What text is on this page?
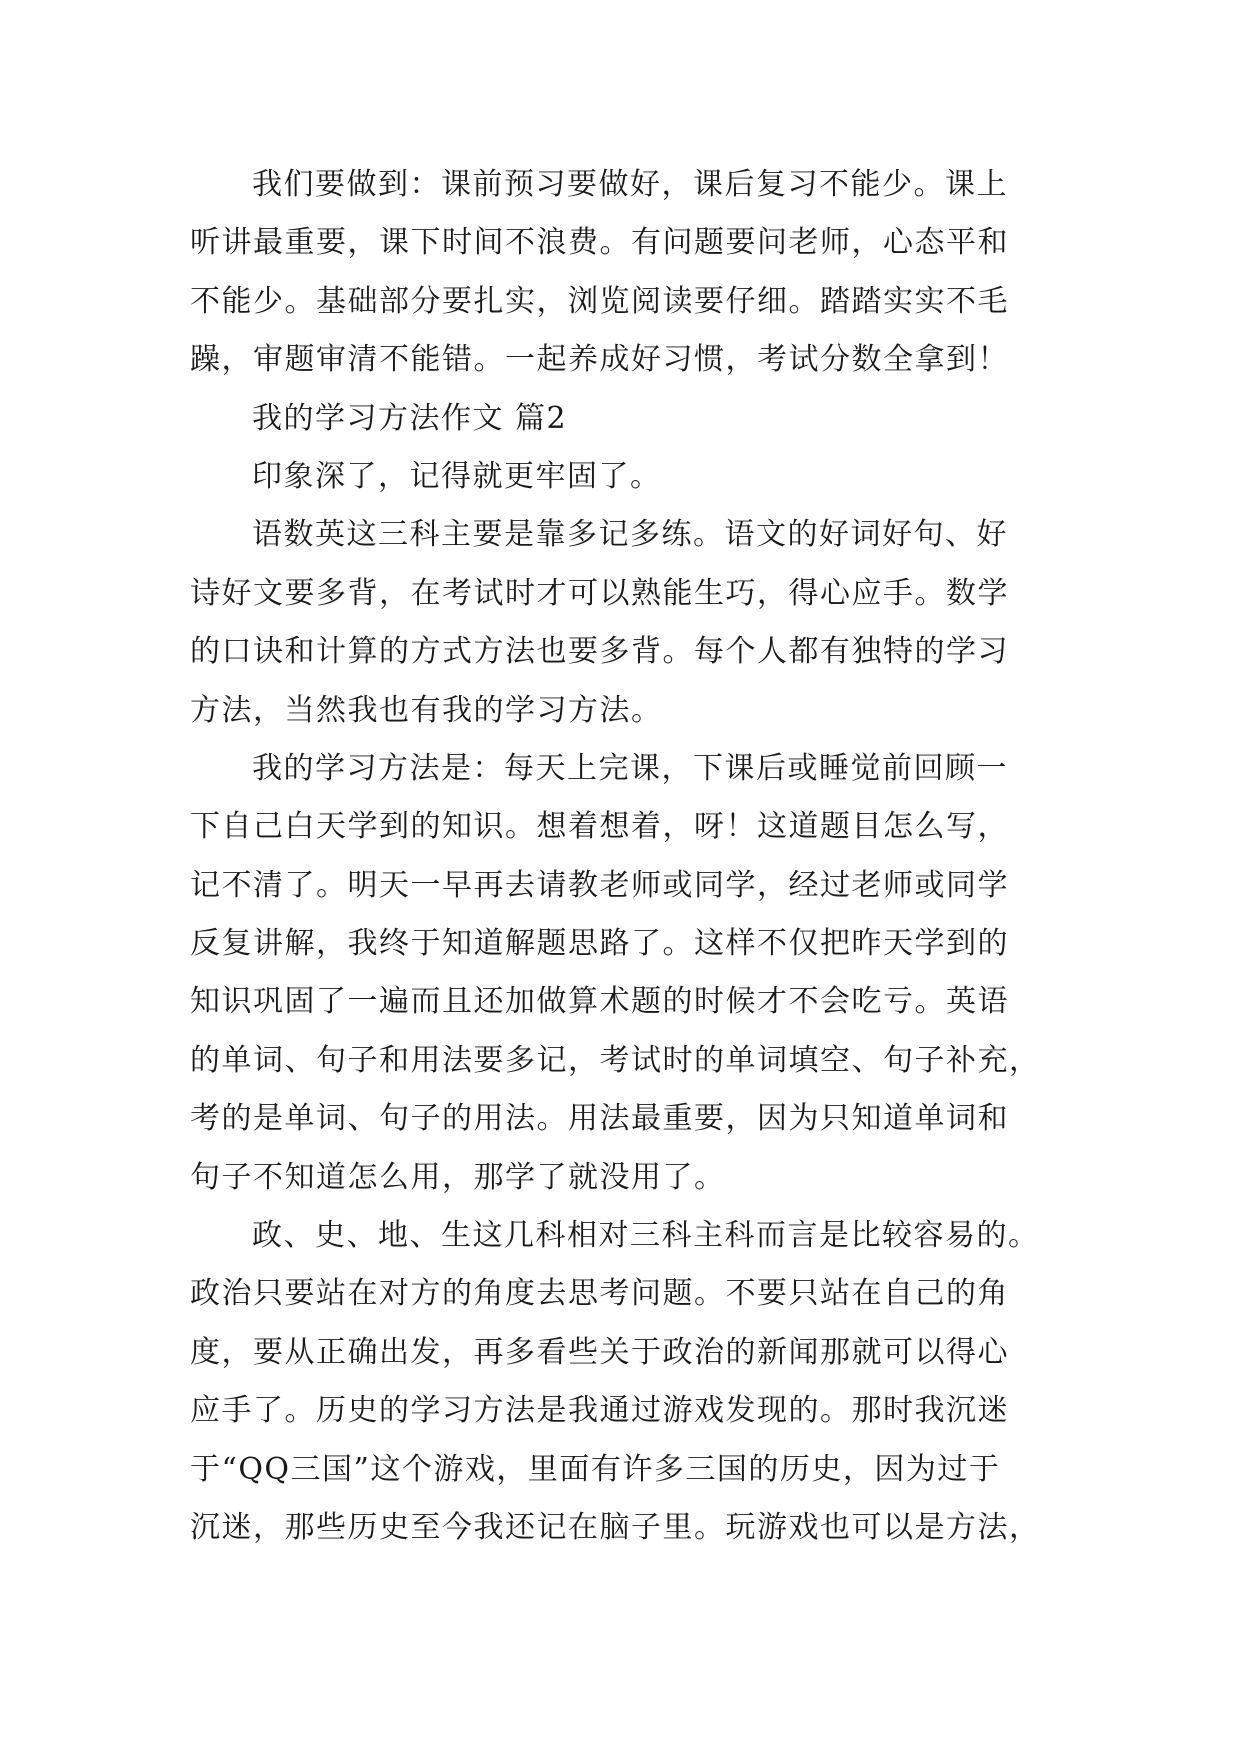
我们要做到：课前预习要做好，课后复习不能少。课上
听讲最重要，课下时间不浪费。有问题要问老师，心态平和
不能少。基础部分要扎实，浏览阅读要仔细。踏踏实实不毛
躁，审题审清不能错。一起养成好习惯，考试分数全拿到！
我的学习方法作文 篇2
印象深了，记得就更牢固了。
语数英这三科主要是靠多记多练。语文的好词好句、好
诗好文要多背，在考试时才可以熟能生巧，得心应手。数学
的口诀和计算的方式方法也要多背。每个人都有独特的学习
方法，当然我也有我的学习方法。
我的学习方法是：每天上完课，下课后或睡觉前回顾一
下自己白天学到的知识。想着想着，呀！这道题目怎么写，
记不清了。明天一早再去请教老师或同学，经过老师或同学
反复讲解，我终于知道解题思路了。这样不仅把昨天学到的
知识巩固了一遍而且还加做算术题的时候才不会吃亏。英语
的单词、句子和用法要多记，考试时的单词填空、句子补充，
考的是单词、句子的用法。用法最重要，因为只知道单词和
句子不知道怎么用，那学了就没用了。
政、史、地、生这几科相对三科主科而言是比较容易的。
政治只要站在对方的角度去思考问题。不要只站在自己的角
度，要从正确出发，再多看些关于政治的新闻那就可以得心
应手了。历史的学习方法是我通过游戏发现的。那时我沉迷
于“QQ三国”这个游戏，里面有许多三国的历史，因为过于
沉迷，那些历史至今我还记在脑子里。玩游戏也可以是方法，
